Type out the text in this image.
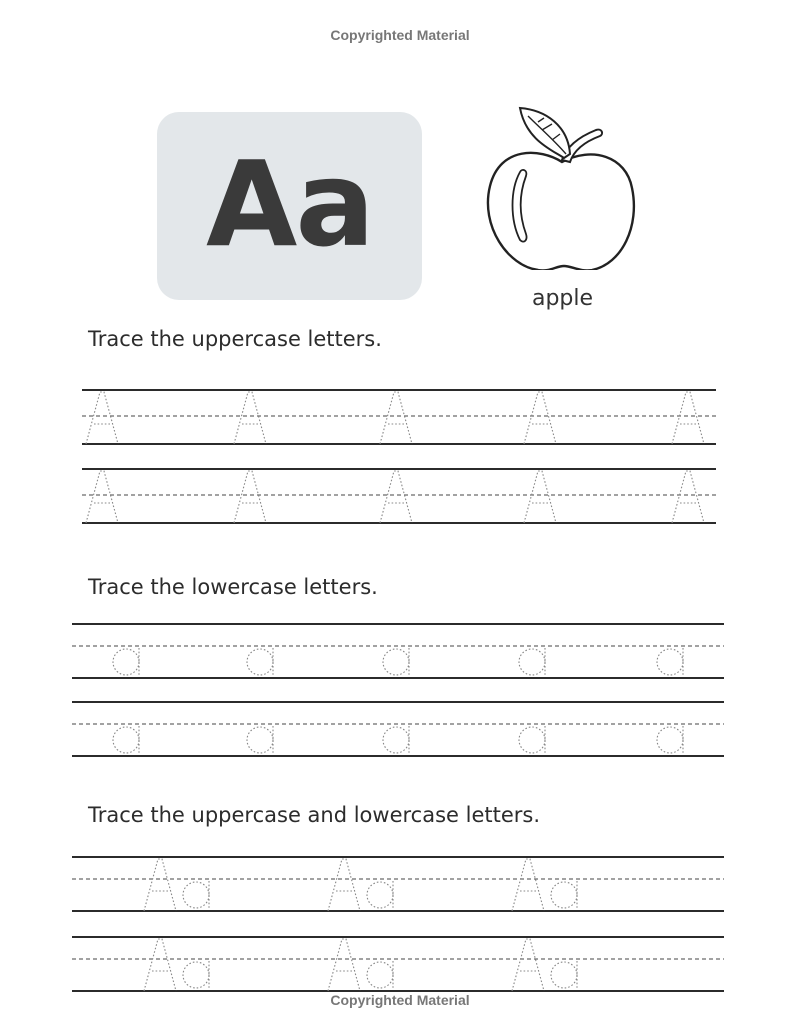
Copyrighted Material
Aa
apple
Trace the uppercase letters.
Trace the lowercase letters.
Trace the uppercase and lowercase letters.
Copyrighted Material
